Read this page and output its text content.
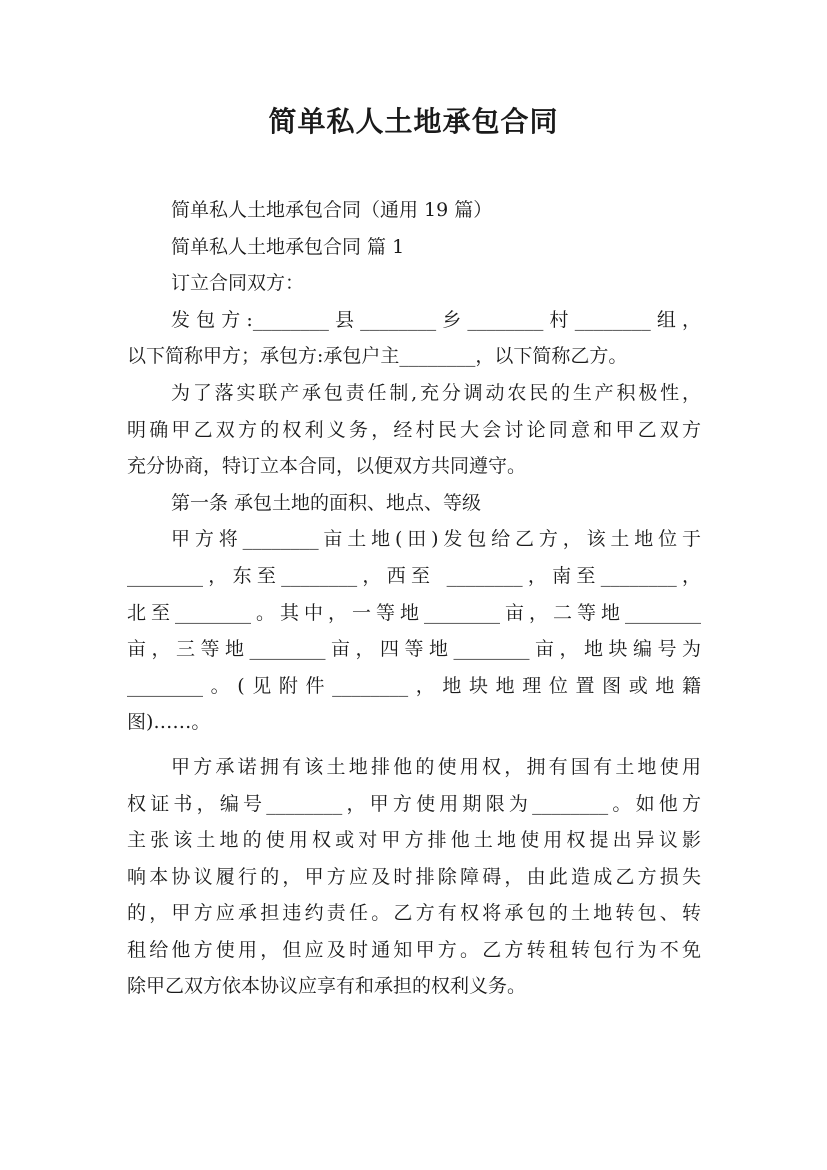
简单私人土地承包合同
简单私人土地承包合同（通用 19 篇）
简单私人土地承包合同 篇 1
订立合同双方：
发包方:________县________乡________村________组，
以下简称甲方；承包方:承包户主________，以下简称乙方。
为了落实联产承包责任制,充分调动农民的生产积极性，
明确甲乙双方的权利义务，经村民大会讨论同意和甲乙双方
充分协商，特订立本合同，以便双方共同遵守。
第一条 承包土地的面积、地点、等级
甲方将________亩土地(田)发包给乙方，该土地位于
________，东至________，西至 ________，南至________，
北至________。其中，一等地________亩，二等地________
亩，三等地________亩，四等地________亩，地块编号为
________。(见附件________，地块地理位置图或地籍
图)……。
甲方承诺拥有该土地排他的使用权，拥有国有土地使用
权证书，编号________，甲方使用期限为________。如他方
主张该土地的使用权或对甲方排他土地使用权提出异议影
响本协议履行的，甲方应及时排除障碍，由此造成乙方损失
的，甲方应承担违约责任。乙方有权将承包的土地转包、转
租给他方使用，但应及时通知甲方。乙方转租转包行为不免
除甲乙双方依本协议应享有和承担的权利义务。
